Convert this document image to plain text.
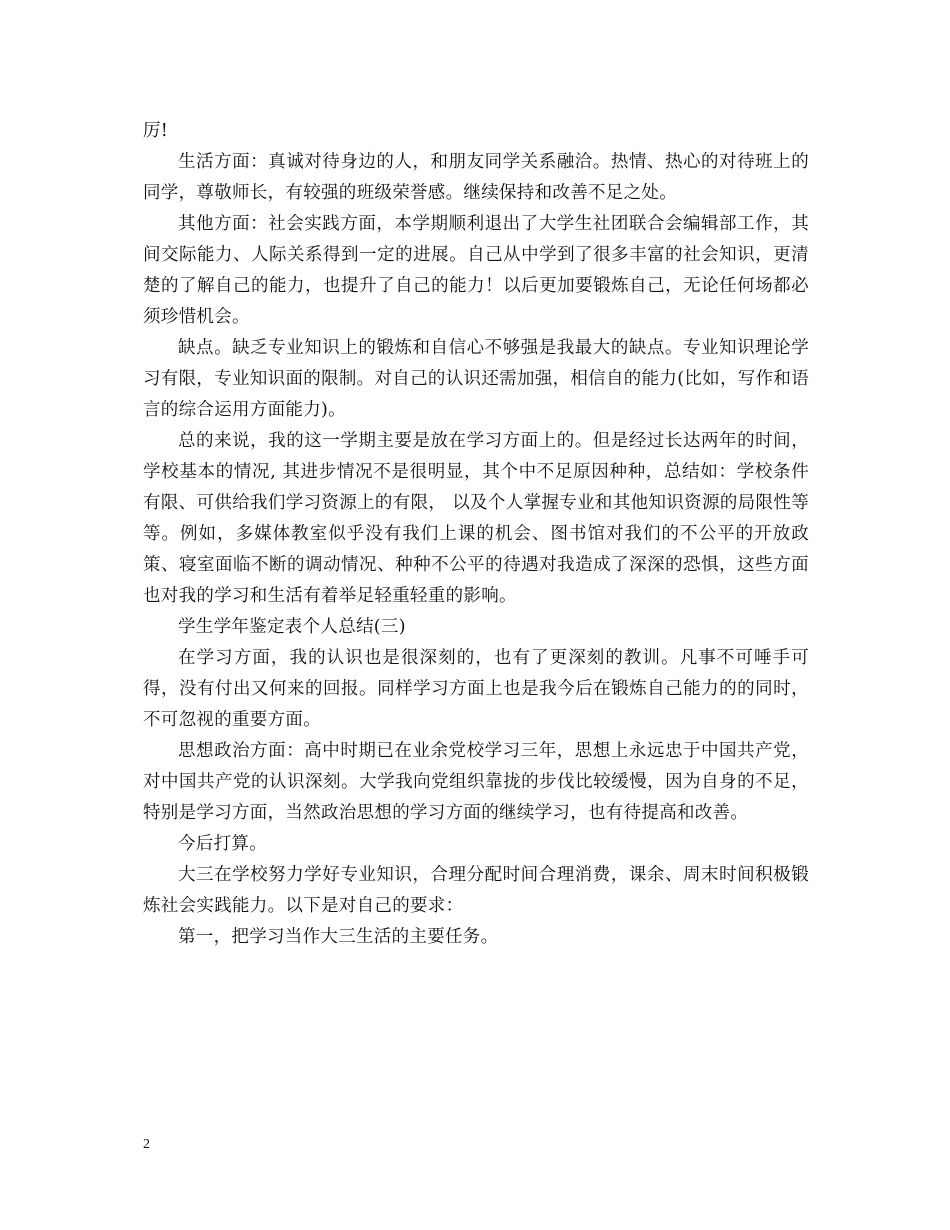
厉!

生活方面：真诚对待身边的人，和朋友同学关系融洽。热情、热心的对待班上的同学，尊敬师长，有较强的班级荣誉感。继续保持和改善不足之处。

其他方面：社会实践方面，本学期顺利退出了大学生社团联合会编辑部工作，其间交际能力、人际关系得到一定的进展。自己从中学到了很多丰富的社会知识，更清楚的了解自己的能力，也提升了自己的能力！以后更加要锻炼自己，无论任何场都必须珍惜机会。

缺点。缺乏专业知识上的锻炼和自信心不够强是我最大的缺点。专业知识理论学习有限，专业知识面的限制。对自己的认识还需加强，相信自的能力(比如，写作和语言的综合运用方面能力)。

总的来说，我的这一学期主要是放在学习方面上的。但是经过长达两年的时间，学校基本的情况, 其进步情况不是很明显，其个中不足原因种种，总结如：学校条件有限、可供给我们学习资源上的有限， 以及个人掌握专业和其他知识资源的局限性等等。例如，多媒体教室似乎没有我们上课的机会、图书馆对我们的不公平的开放政策、寝室面临不断的调动情况、种种不公平的待遇对我造成了深深的恐惧，这些方面也对我的学习和生活有着举足轻重轻重的影响。

学生学年鉴定表个人总结(三)

在学习方面，我的认识也是很深刻的，也有了更深刻的教训。凡事不可唾手可得，没有付出又何来的回报。同样学习方面上也是我今后在锻炼自己能力的的同时，不可忽视的重要方面。

思想政治方面：高中时期已在业余党校学习三年，思想上永远忠于中国共产党，对中国共产党的认识深刻。大学我向党组织靠拢的步伐比较缓慢，因为自身的不足，特别是学习方面，当然政治思想的学习方面的继续学习，也有待提高和改善。

今后打算。

大三在学校努力学好专业知识，合理分配时间合理消费，课余、周末时间积极锻炼社会实践能力。以下是对自己的要求：

第一，把学习当作大三生活的主要任务。

2
